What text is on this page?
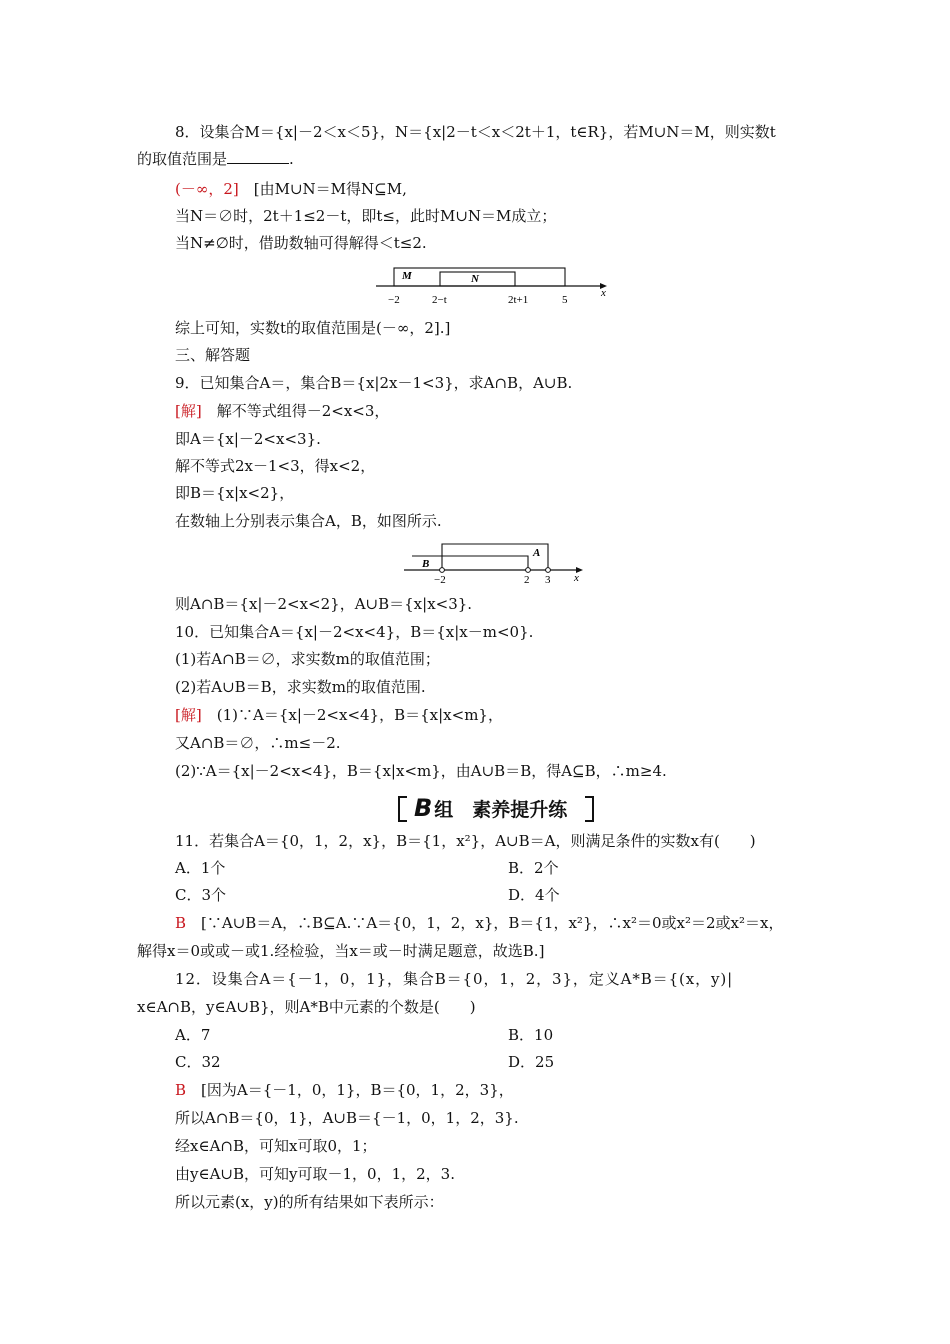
8．设集合M＝{x|－2＜x＜5}，N＝{x|2－t＜x＜2t＋1，t∈R}，若M∪N＝M，则实数t
的取值范围是	.
(－∞，2]　 [由M∪N＝M得N⊆M,
当N＝∅时，2t＋1≤2－t，即t≤，此时M∪N＝M成立；
当N≠∅时，借助数轴可得解得＜t≤2.
M	N
−2	2−t	2t+1	5
x
综上可知，实数t的取值范围是(－∞，2].]
三、解答题
9．已知集合A＝，集合B＝{x|2x－1<3}，求A∩B，A∪B.
[解]　 解不等式组得－2<x<3，
即A＝{x|－2<x<3}.
解不等式2x－1<3，得x<2，
即B＝{x|x<2}，
在数轴上分别表示集合A，B，如图所示.
B
A
−2	2 3 x
则A∩B＝{x|－2<x<2}，A∪B＝{x|x<3}.
10．已知集合A＝{x|－2<x<4}，B＝{x|x－m<0}.
(1)若A∩B＝∅，求实数m的取值范围；
(2)若A∪B＝B，求实数m的取值范围.
[解]　 (1)∵A＝{x|－2<x<4}，B＝{x|x<m}，
又A∩B＝∅，∴m≤－2.
(2)∵A＝{x|－2<x<4}，B＝{x|x<m}，由A∪B＝B，得A⊆B，∴m≥4.
B 组　素养提升练
11．若集合A＝{0，1，2，x}，B＝{1，x²}，A∪B＝A，则满足条件的实数x有(　　)
A．1个	B．2个
C．3个	D．4个
B　 [∵A∪B＝A，∴B⊆A.∵A＝{0，1，2，x}，B＝{1，x²}，∴x²＝0或x²＝2或x²＝x，
解得x＝0或或－或1.经检验，当x＝或－时满足题意，故选B.]
12．设集合A＝{－1，0，1}，集合B＝{0，1，2，3}，定义A*B＝{(x，y)|
x∈A∩B，y∈A∪B}，则A*B中元素的个数是(　　)
A．7	B．10
C．32	D．25
B　 [因为A＝{－1，0，1}，B＝{0，1，2，3}，
所以A∩B＝{0，1}，A∪B＝{－1，0，1，2，3}.
经x∈A∩B，可知x可取0，1；
由y∈A∪B，可知y可取－1，0，1，2，3.
所以元素(x，y)的所有结果如下表所示：
